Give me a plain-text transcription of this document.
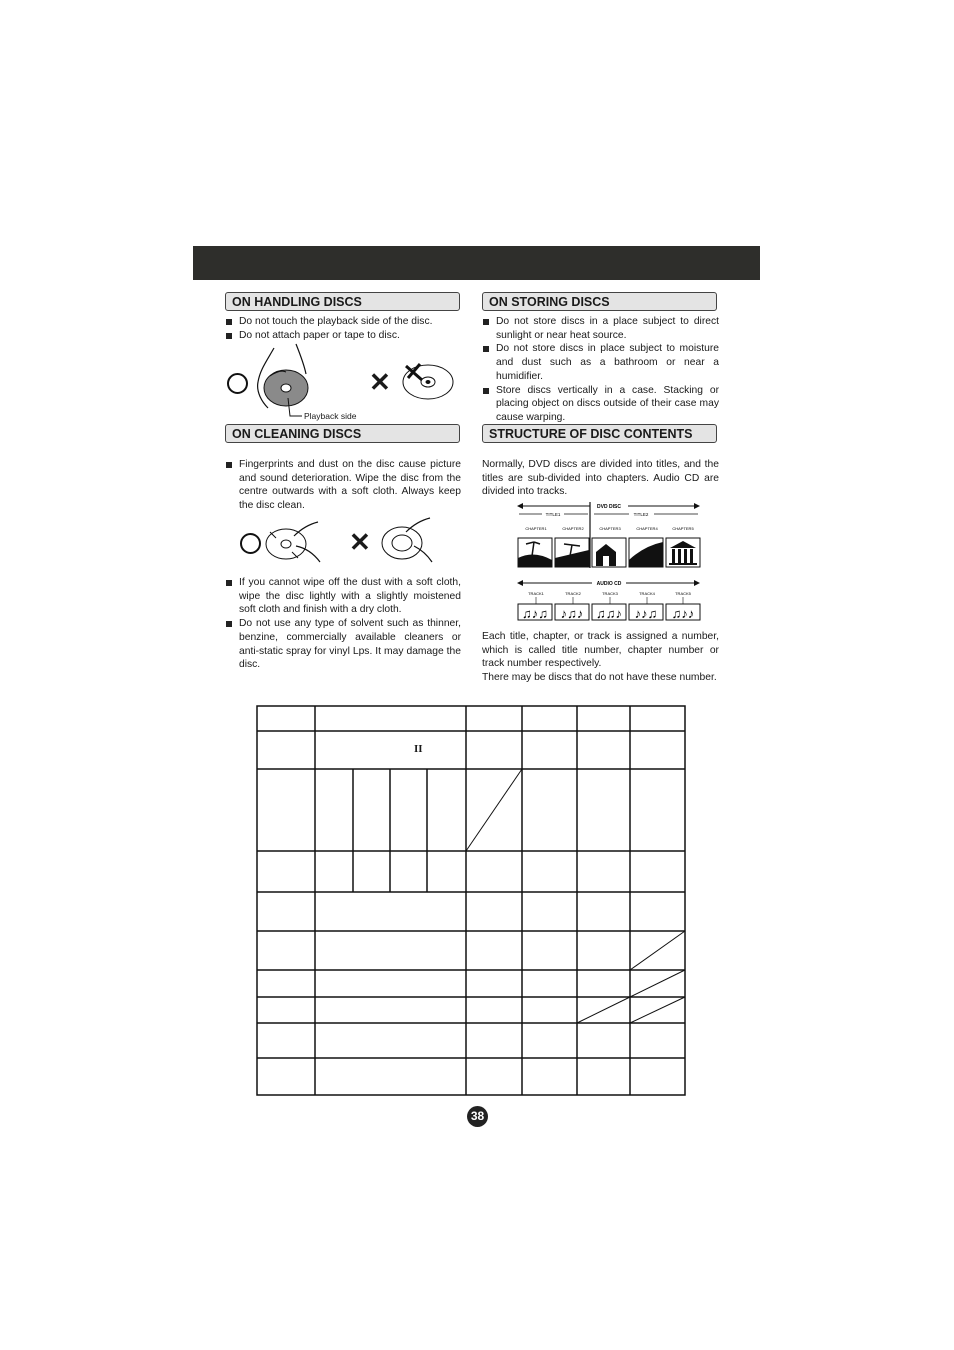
ON HANDLING DISCS
Do not touch the playback side of the disc.
Do not attach paper or tape to disc.
Playback side
✕
ON STORING DISCS
Do not store discs in a place subject to direct sunlight or near heat source.
Do not store discs in place subject to moisture and dust such as a bathroom or near a humidifier.
Store discs vertically in a case. Stacking or placing object on discs outside of their case may cause warping.
ON CLEANING DISCS
Fingerprints and dust on the disc cause picture and sound deterioration. Wipe the disc from the centre outwards with a soft cloth. Always keep the disc clean.
✕
If you cannot wipe off the dust with a soft cloth, wipe the disc lightly with a slightly moistened soft cloth and finish with a dry cloth.
Do not use any type of solvent such as thinner, benzine, commercially available cleaners or anti-static spray for vinyl Lps. It may damage the disc.
STRUCTURE OF DISC CONTENTS
Normally, DVD discs are divided into titles, and the titles are sub-divided into chapters. Audio CD are divided into tracks.
DVD DISC
TITLE1	TITLE2
CHAPTER1	CHAPTER2	CHAPTER3	CHAPTER4	CHAPTER5
AUDIO CD
TRACK1	TRACK2	TRACK3	TRACK4	TRACK5
♫♪♫ ♪♫♪ ♫♫♪ ♪♪♫ ♫♪♪
Each title, chapter, or track is assigned a number, which is called title number, chapter number or track number respectively.
There may be discs that do not have these number.
II
38
